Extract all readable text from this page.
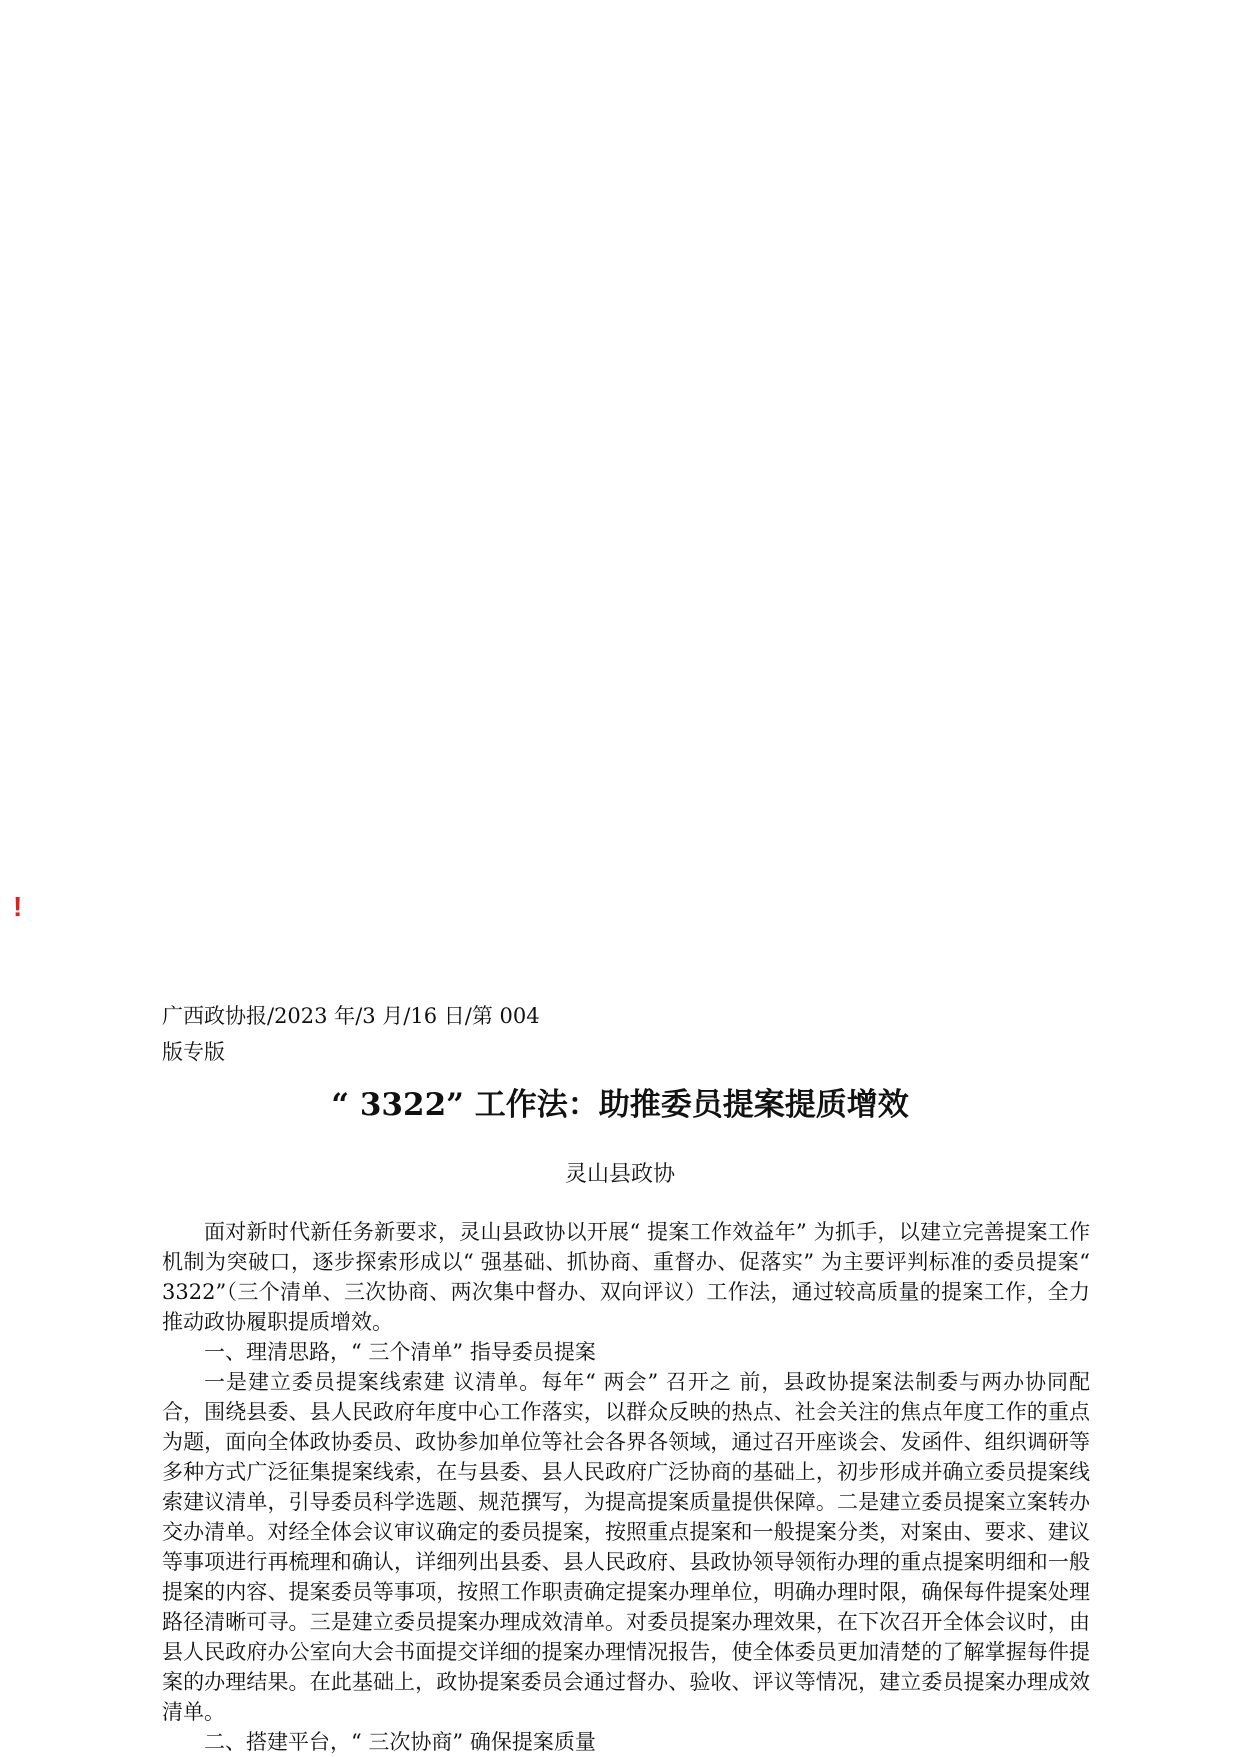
!
广西政协报/2023 年/3 月/16 日/第 004
版专版
“ 3322” 工作法：助推委员提案提质增效
灵山县政协

面对新时代新任务新要求，灵山县政协以开展“ 提案工作效益年” 为抓手，以建立完善提案工作机制为突破口，逐步探索形成以“ 强基础、抓协商、重督办、促落实” 为主要评判标准的委员提案“ 3322”（三个清单、三次协商、两次集中督办、双向评议）工作法，通过较高质量的提案工作，全力推动政协履职提质增效。

一、理清思路，“ 三个清单” 指导委员提案

一是建立委员提案线索建 议清单。每年“ 两会” 召开之 前，县政协提案法制委与两办协同配合，围绕县委、县人民政府年度中心工作落实，以群众反映的热点、社会关注的焦点年度工作的重点为题，面向全体政协委员、政协参加单位等社会各界各领域，通过召开座谈会、发函件、组织调研等多种方式广泛征集提案线索，在与县委、县人民政府广泛协商的基础上，初步形成并确立委员提案线索建议清单，引导委员科学选题、规范撰写，为提高提案质量提供保障。二是建立委员提案立案转办交办清单。对经全体会议审议确定的委员提案，按照重点提案和一般提案分类，对案由、要求、建议等事项进行再梳理和确认，详细列出县委、县人民政府、县政协领导领衔办理的重点提案明细和一般提案的内容、提案委员等事项，按照工作职责确定提案办理单位，明确办理时限，确保每件提案处理路径清晰可寻。三是建立委员提案办理成效清单。对委员提案办理效果，在下次召开全体会议时，由县人民政府办公室向大会书面提交详细的提案办理情况报告，使全体委员更加清楚的了解掌握每件提案的办理结果。在此基础上，政协提案委员会通过督办、验收、评议等情况，建立委员提案办理成效清单。

二、搭建平台，“ 三次协商” 确保提案质量
